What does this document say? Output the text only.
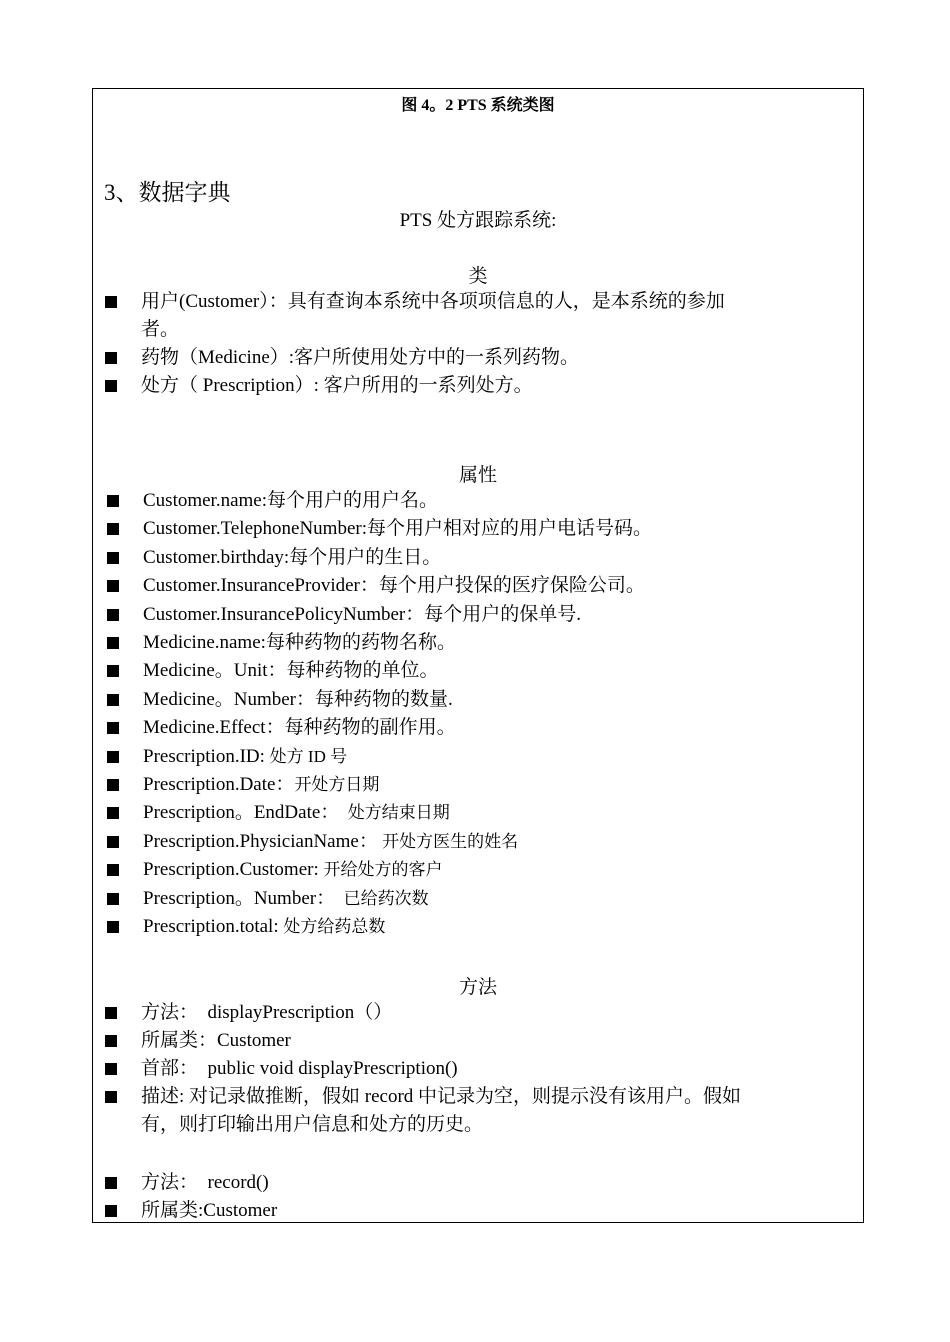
图 4。2 PTS 系统类图
3、数据字典
PTS 处方跟踪系统:
类
用户(Customer）：具有查询本系统中各项项信息的人，是本系统的参加
者。
药物（Medicine）:客户所使用处方中的一系列药物。
处方（ Prescription）: 客户所用的一系列处方。
属性
Customer.name:每个用户的用户名。
Customer.TelephoneNumber:每个用户相对应的用户电话号码。
Customer.birthday:每个用户的生日。
Customer.InsuranceProvider：每个用户投保的医疗保险公司。
Customer.InsurancePolicyNumber：每个用户的保单号.
Medicine.name:每种药物的药物名称。
Medicine。Unit：每种药物的单位。
Medicine。Number：每种药物的数量.
Medicine.Effect：每种药物的副作用。
Prescription.ID: 处方 ID 号
Prescription.Date：开处方日期
Prescription。EndDate：  处方结束日期
Prescription.PhysicianName： 开处方医生的姓名
Prescription.Customer: 开给处方的客户
Prescription。Number：  已给药次数
Prescription.total: 处方给药总数
方法
方法：  displayPrescription（）
所属类：Customer
首部：  public void displayPrescription()
描述: 对记录做推断，假如 record 中记录为空，则提示没有该用户。假如
有，则打印输出用户信息和处方的历史。
方法：  record()
所属类:Customer
